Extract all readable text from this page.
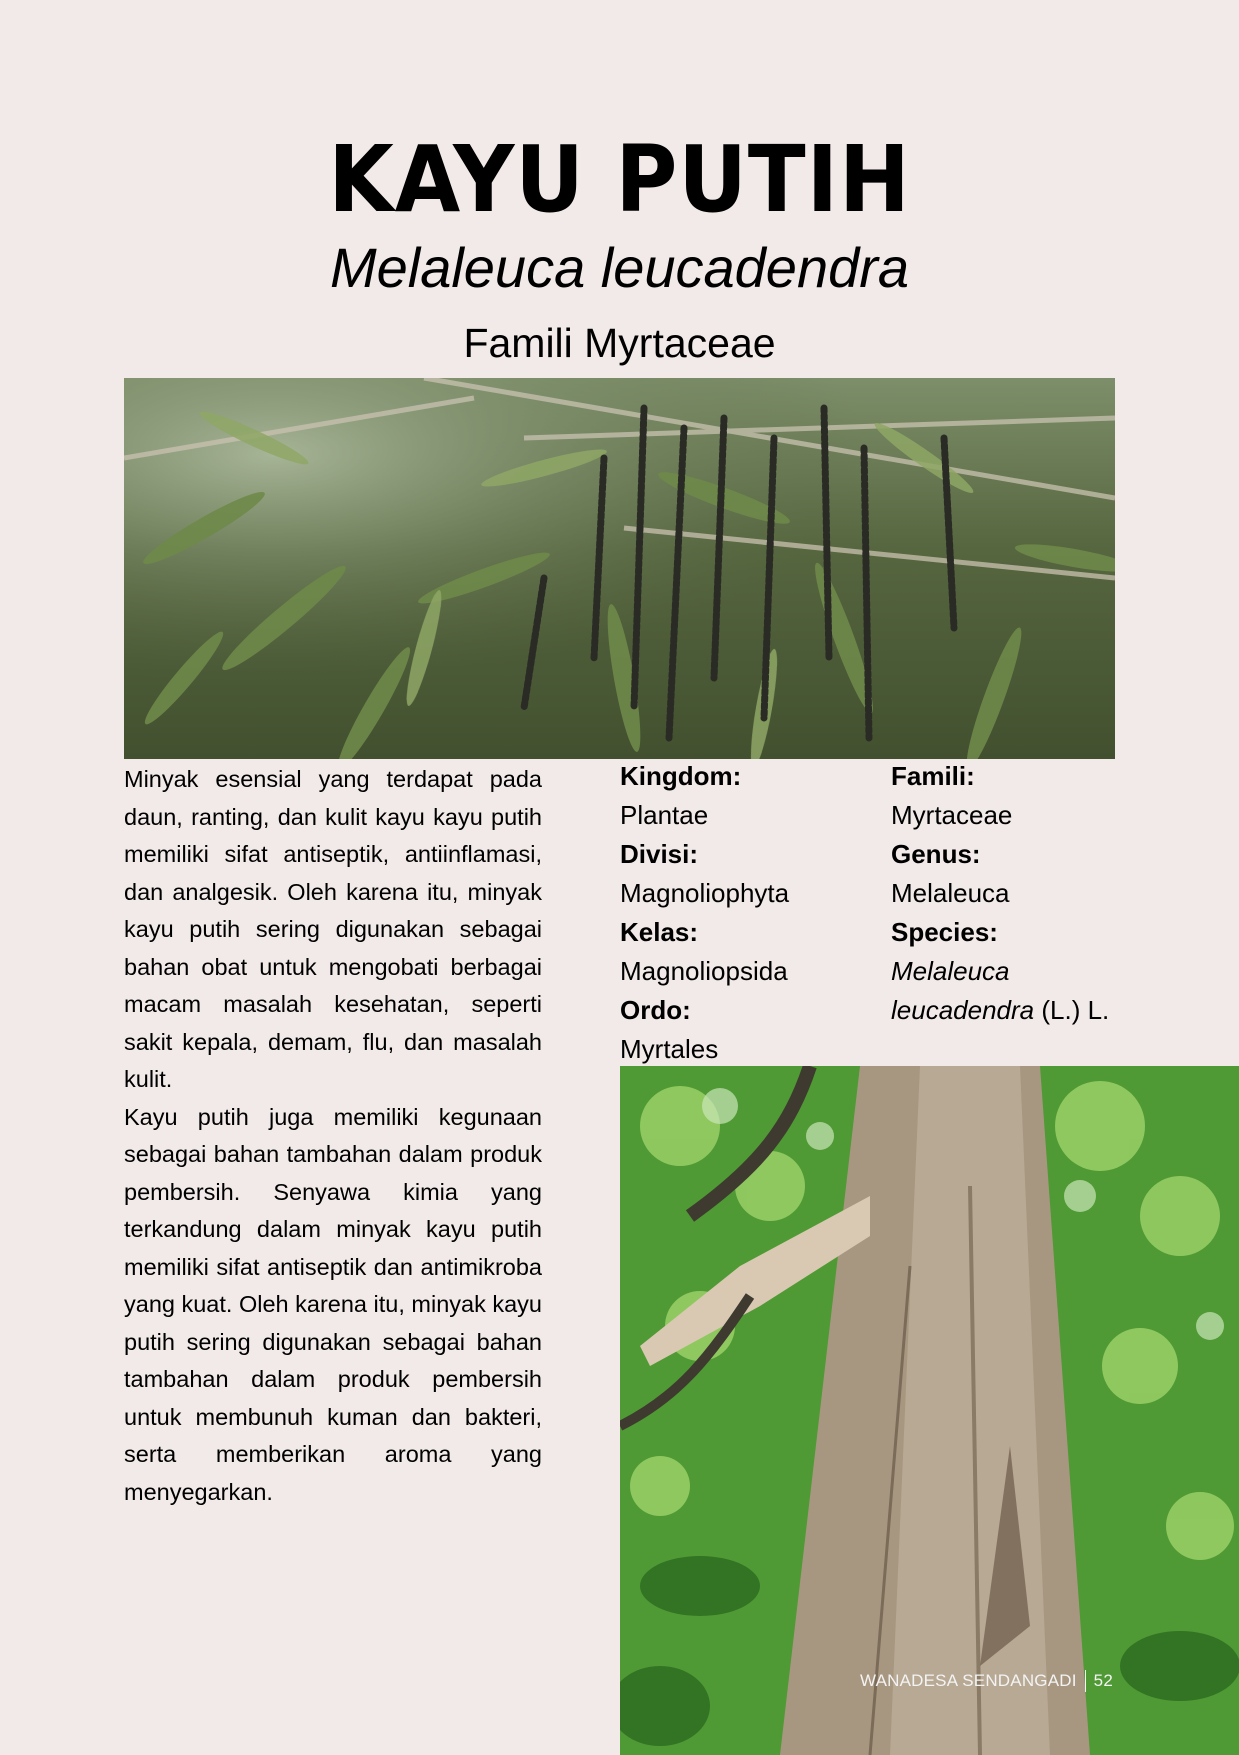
KAYU PUTIH
Melaleuca leucadendra
Famili Myrtaceae

Minyak esensial yang terdapat pada daun, ranting, dan kulit kayu kayu putih memiliki sifat antiseptik, antiinflamasi, dan analgesik. Oleh karena itu, minyak kayu putih sering digunakan sebagai bahan obat untuk mengobati berbagai macam masalah kesehatan, seperti sakit kepala, demam, flu, dan masalah kulit.

Kayu putih juga memiliki kegunaan sebagai bahan tambahan dalam produk pembersih. Senyawa kimia yang terkandung dalam minyak kayu putih memiliki sifat antiseptik dan antimikroba yang kuat. Oleh karena itu, minyak kayu putih sering digunakan sebagai bahan tambahan dalam produk pembersih untuk membunuh kuman dan bakteri, serta memberikan aroma yang menyegarkan.

Kingdom:
Plantae
Divisi:
Magnoliophyta
Kelas:
Magnoliopsida
Ordo:
Myrtales
Famili:
Myrtaceae
Genus:
Melaleuca
Species:
Melaleuca
leucadendra (L.) L.
WANADESA SENDANGADI 52
